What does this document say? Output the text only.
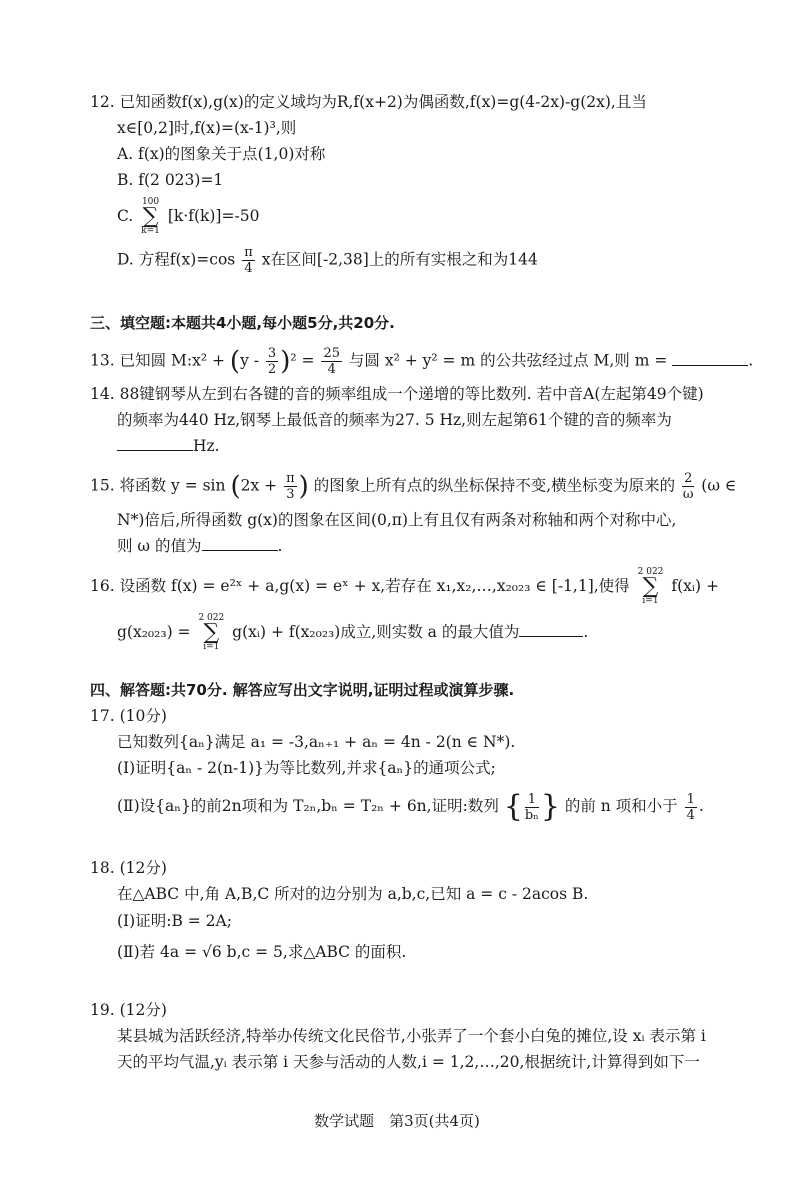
12. 已知函数f(x),g(x)的定义域均为R,f(x+2)为偶函数,f(x)=g(4-2x)-g(2x),且当
x∈[0,2]时,f(x)=(x-1)³,则
A. f(x)的图象关于点(1,0)对称
B. f(2 023)=1
C.
100
∑
k=1
[k·f(k)]=-50
D. 方程$f(x)=\cos \frac{\pi}{4}$ x在区间[-2,38]上的所有实根之和为144
三、填空题:本题共4小题,每小题5分,共20分.
13. 已知圆 M:x² + $(y - \frac{3}{2} )^2 = \frac{25}{4}$ 与圆 x² + y² = m 的公共弦经过点 M,则 m =	.
14. 88键钢琴从左到右各键的音的频率组成一个递增的等比数列. 若中音A(左起第49个键)
的频率为440 Hz,钢琴上最低音的频率为27. 5 Hz,则左起第61个键的音的频率为
Hz.
15. 将函数 $y = \sin (2x + \frac{\pi}{3}$ ) 的图象上所有点的纵坐标保持不变,横坐标变为原来的 $\frac{2}{\omega} (\omega$ ∈
N*)倍后,所得函数 g(x)的图象在区间(0,π)上有且仅有两条对称轴和两个对称中心,
则 ω 的值为	.
16. 设函数 f(x) = e²ˣ + a,g(x) = eˣ + x,若存在 x₁,x₂,…,x₂₀₂₃ ∈ [-1,1],使得
2 022
∑
i=1
f(xᵢ) +
g(x₂₀₂₃) =
2 022
∑
i=1
g(xᵢ) + f(x₂₀₂₃)成立,则实数 a 的最大值为	.
四、解答题:共70分. 解答应写出文字说明,证明过程或演算步骤.
17. (10分)
已知数列{aₙ}满足 a₁ = -3,aₙ₊₁ + aₙ = 4n - 2(n ∈ N*).
(Ⅰ)证明{aₙ - 2(n-1)}为等比数列,并求{aₙ}的通项公式;
(Ⅱ)设{aₙ}的前2n项和为 T₂ₙ,bₙ = T₂ₙ + 6n,证明:数列 { $\frac{1}{\text{bₙ}}$ } 的前 n 项和小于 $\frac{1}{4}$ .
18. (12分)
在△ABC 中,角 A,B,C 所对的边分别为 a,b,c,已知 a = c - 2acos B.
(Ⅰ)证明:B = 2A;
(Ⅱ)若 4a = √6 b,c = 5,求△ABC 的面积.
19. (12分)
某县城为活跃经济,特举办传统文化民俗节,小张弄了一个套小白兔的摊位,设 xᵢ 表示第 i
天的平均气温,yᵢ 表示第 i 天参与活动的人数,i = 1,2,…,20,根据统计,计算得到如下一
数学试题　第3页(共4页)
